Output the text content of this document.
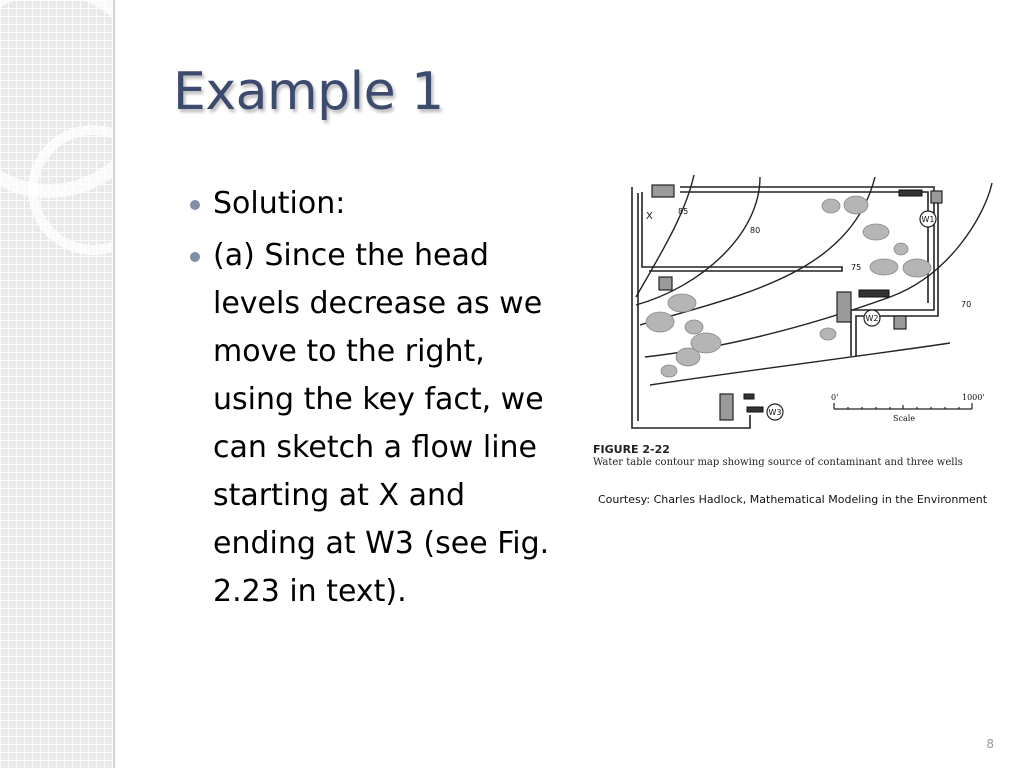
Example 1
Solution:
(a) Since the head levels decrease as we move to the right, using the key fact, we can sketch a flow line starting at X and ending at W3 (see Fig. 2.23 in text).
W1
W2
W3
X	85
80
75
70
0'	1000'
Scale
FIGURE 2-22
Water table contour map showing source of contaminant and three wells
Courtesy: Charles Hadlock, Mathematical Modeling in the Environment
8
